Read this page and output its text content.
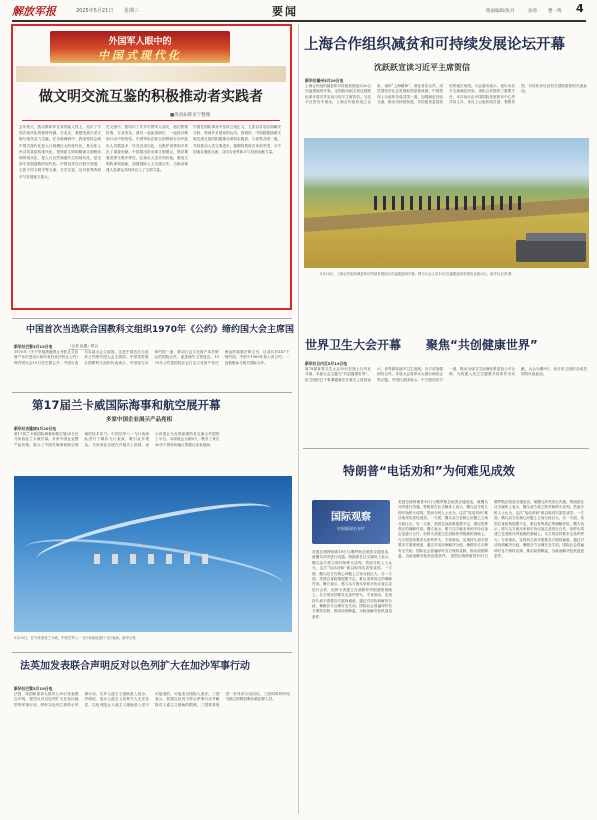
解放军报	2025年5月21日 星期三	要闻	版面编辑/张丹	孙琦 楚一鸣 4
外国军人眼中的
中国式现代化
做文明交流互鉴的积极推动者实践者
■巩真如辉亚宁整理
去年秋天，我以维和军官身份踏入热土，见识了中国式现代化的独特内涵。在北京，我感受到古老文明与现代活力交融。在各地调研中，我深刻体会到中国式现代化是人口规模巨大的现代化，是全体人民共同富裕的现代化，是物质文明和精神文明相协调的现代化，是人与自然和谐共生的现代化，是走和平发展道路的现代化。中国坚持在开放中发展，主张不同文明平等交流、互学互鉴，这对世界的和平与发展意义重大。
在交流中，我结识了许多中国军人朋友，他们热情好客、专业务实。我们一起参加研讨、一起探讨维和行动中的经验。中国军队在联合国维和行动中派出人员数量多、任务完成出色，为维护世界和平作出了重要贡献。中国提出的全球文明倡议，倡导尊重世界文明多样性，弘扬全人类共同价值，重视文明传承和创新，加强国际人文交流合作，为推动构建人类命运共同体注入了文明力量。
中国在国际事务中坚持公道正义，主张以对话协商解决分歧，得到许多国家的认同。我相信，中国将继续做文明交流互鉴的积极推动者和实践者，与世界各国一道，共同推动人类文明进步。我期待着再次来到中国，与中国朋友继续交流，共同为世界和平与发展贡献力量。
上海合作组织减贫和可持续发展论坛开幕
沈跃跃宣读习近平主席贺信
新华社福州5月20日电
上海合作组织减贫和可持续发展论坛20日在福建福州开幕。全国政协副主席沈跃跃出席开幕式并宣读习近平主席贺信。习近平在贺信中指出，上海合作组织成立以来，秉持“上海精神”，深化务实合作，成员国经济社会发展取得显著成就。中国愿同上合组织各成员国一道，加强减贫经验交流，推动可持续发展，共同建设更加美好的地区家园。与会嘉宾表示，论坛为各方交流减贫经验、深化合作提供了重要平台。本次论坛由中国国际发展知识中心等共同主办，来自上合组织成员国、观察员国、对话伙伴以及有关国际组织的代表参加。
5月20日，上海合作组织减贫和可持续发展论坛在福建福州开幕。图为与会人员19日在福建福州参观农业展示区。新华社记者 摄
中国首次当选联合国教科文组织1970年《公约》缔约国大会主席国
新华社巴黎5月19日电	（记者 崔鑫）联合
1970年《关于采取措施禁止并防止文化财产非法进出口和所有权非法转让公约》缔约国大会19日在巴黎召开，中国当选为本届大会主席国。这是中国首次当选该公约缔约国大会主席国。中国常驻联合国教科文组织代表表示，中国将与各缔约国一道，推动打击文化财产非法贩运的国际合作，促进流失文物返还。1970年公约是国际社会打击文化财产非法贩运的重要法律文书，目前共有147个缔约国。中国于1989年加入该公约，一直积极参与相关国际合作。
世界卫生大会开幕 聚焦“共创健康世界”
新华社日内瓦5月19日电
第78届世界卫生大会19日在瑞士日内瓦开幕，本届大会主题为“共创健康世界”。世卫组织总干事谭德塞在开幕式上致辞表示，世界面临诸多卫生挑战，各方应加强团结合作。本届大会将审议大流行病协定等议题。中国代表团表示，中方愿同各方一道，推动全球卫生治理体系更加公平合理，为构建人类卫生健康共同体作出贡献。大会为期9天，来自世卫组织各成员国的代表参加。
第17届兰卡威国际海事和航空展开幕
多家中国企业展示产品亮相
新华社吉隆坡5月20日电
第17届兰卡威国际海事和航空展20日在马来西亚兰卡威开幕。多家中国企业携产品亮相，展示了中国在海事和航空领域的技术实力。中国空军八一飞行表演队进行了精彩飞行表演，吸引众多观众。马来西亚总理在开幕式上致辞，表示该展会为各国加强防务交流合作提供了平台。本届展会为期5天，吸引了来自30多个国家和地区的数百家参展商。
5月20日，在马来西亚兰卡威，中国空军八一飞行表演队进行飞行表演。新华社发
特朗普“电话劝和”为何难见成效
国际观察
中国新闻名专栏
美国总统特朗普19日与俄罗斯总统普京通电话，就俄乌冲突进行沟通。特朗普在社交媒体上表示，俄乌双方将立即开始停火谈判。然而分析人士认为，这次“电话劝和”难以取得实质性成效。一方面，俄乌双方在核心问题上立场分歧巨大；另一方面，美国自身政策摇摆不定，难以发挥真正的调解作用。俄方表示，愿与乌方就未来和平协议备忘录进行合作，但停火须建立在消除冲突根源的基础上。乌方则坚持要求无条件停火。专家指出，实现持久和平需要各方展现诚意，通过对话协商解决分歧，兼顾各方合理安全关切。国际社会普遍呼吁各方保持克制，推动局势降温，为政治解决危机创造条件。
美国总统特朗普19日与俄罗斯总统普京通电话，就俄乌冲突进行沟通。特朗普在社交媒体上表示，俄乌双方将立即开始停火谈判。然而分析人士认为，这次“电话劝和”难以取得实质性成效。一方面，俄乌双方在核心问题上立场分歧巨大；另一方面，美国自身政策摇摆不定，难以发挥真正的调解作用。俄方表示，愿与乌方就未来和平协议备忘录进行合作，但停火须建立在消除冲突根源的基础上。乌方则坚持要求无条件停火。专家指出，实现持久和平需要各方展现诚意，通过对话协商解决分歧，兼顾各方合理安全关切。国际社会普遍呼吁各方保持克制，推动局势降温，为政治解决危机创造条件。 美国总统特朗普19日与俄罗斯总统普京通电话，就俄乌冲突进行沟通。特朗普在社交媒体上表示，俄乌双方将立即开始停火谈判。然而分析人士认为，这次“电话劝和”难以取得实质性成效。一方面，俄乌双方在核心问题上立场分歧巨大；另一方面，美国自身政策摇摆不定，难以发挥真正的调解作用。俄方表示，愿与乌方就未来和平协议备忘录进行合作，但停火须建立在消除冲突根源的基础上。乌方则坚持要求无条件停火。专家指出，实现持久和平需要各方展现诚意，通过对话协商解决分歧，兼顾各方合理安全关切。国际社会普遍呼吁各方保持克制，推动局势降温，为政治解决危机创造条件。
法英加发表联合声明反对以色列扩大在加沙军事行动
新华社巴黎5月19日电
法国、英国和加拿大领导人19日发表联合声明，强烈反对以色列扩大在加沙地带的军事行动，呼吁以色列立即停止军事行动，允许人道主义援助进入加沙。声明说，加沙人道主义局势令人无法容忍，以色列阻止人道主义援助进入是不可接受的，可能违反国际人道法。三国表示，如果以色列不停止军事行动并解除对人道主义援助的限制，三国将采取进一步具体行动回应。三国同时呼吁哈马斯立即释放剩余被扣押人员。
